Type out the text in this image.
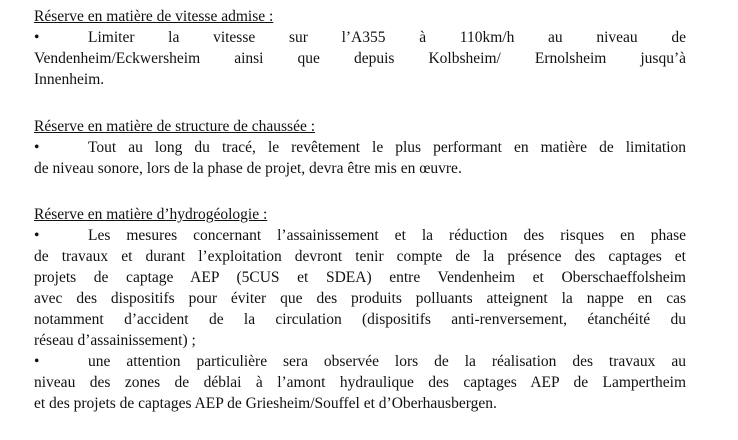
Réserve en matière de vitesse admise :
•	Limiter la vitesse sur l’A355 à 110km/h au niveau de
Vendenheim/Eckwersheim ainsi que depuis Kolbsheim/ Ernolsheim jusqu’à
Innenheim.
Réserve en matière de structure de chaussée :
•	Tout au long du tracé, le revêtement le plus performant en matière de limitation
de niveau sonore, lors de la phase de projet, devra être mis en œuvre.
Réserve en matière d’hydrogéologie :
•	Les mesures concernant l’assainissement et la réduction des risques en phase
de travaux et durant l’exploitation devront tenir compte de la présence des captages et
projets de captage AEP (5CUS et SDEA) entre Vendenheim et Oberschaeffolsheim
avec des dispositifs pour éviter que des produits polluants atteignent la nappe en cas
notamment d’accident de la circulation (dispositifs anti-renversement, étanchéité du
réseau d’assainissement) ;
•	une attention particulière sera observée lors de la réalisation des travaux au
niveau des zones de déblai à l’amont hydraulique des captages AEP de Lampertheim
et des projets de captages AEP de Griesheim/Souffel et d’Oberhausbergen.
